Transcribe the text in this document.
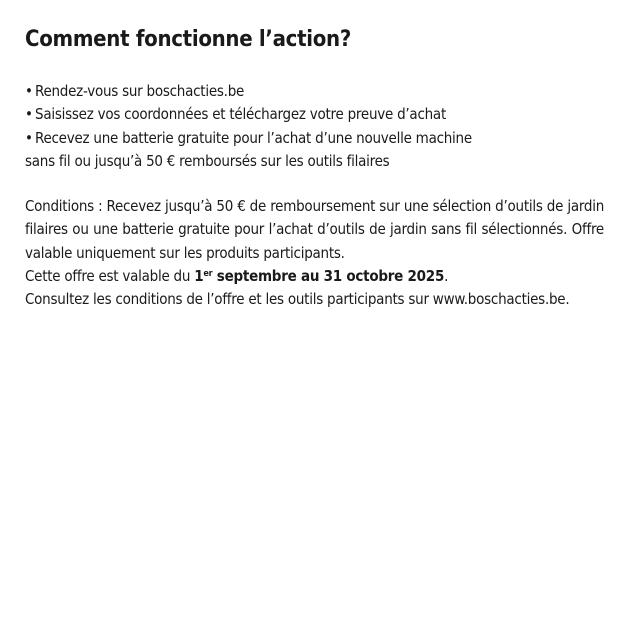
Comment fonctionne l’action?
• Rendez-vous sur boschacties.be
• Saisissez vos coordonnées et téléchargez votre preuve d’achat
• Recevez une batterie gratuite pour l’achat d’une nouvelle machine

sans fil ou jusqu’à 50 € remboursés sur les outils filaires

Conditions : Recevez jusqu’à 50 € de remboursement sur une sélection d’outils de jardin filaires ou une batterie gratuite pour l’achat d’outils de jardin sans fil sélectionnés. Offre valable uniquement sur les produits participants.

Cette offre est valable du 1er septembre au 31 octobre 2025.

Consultez les conditions de l’offre et les outils participants sur www.boschacties.be.
